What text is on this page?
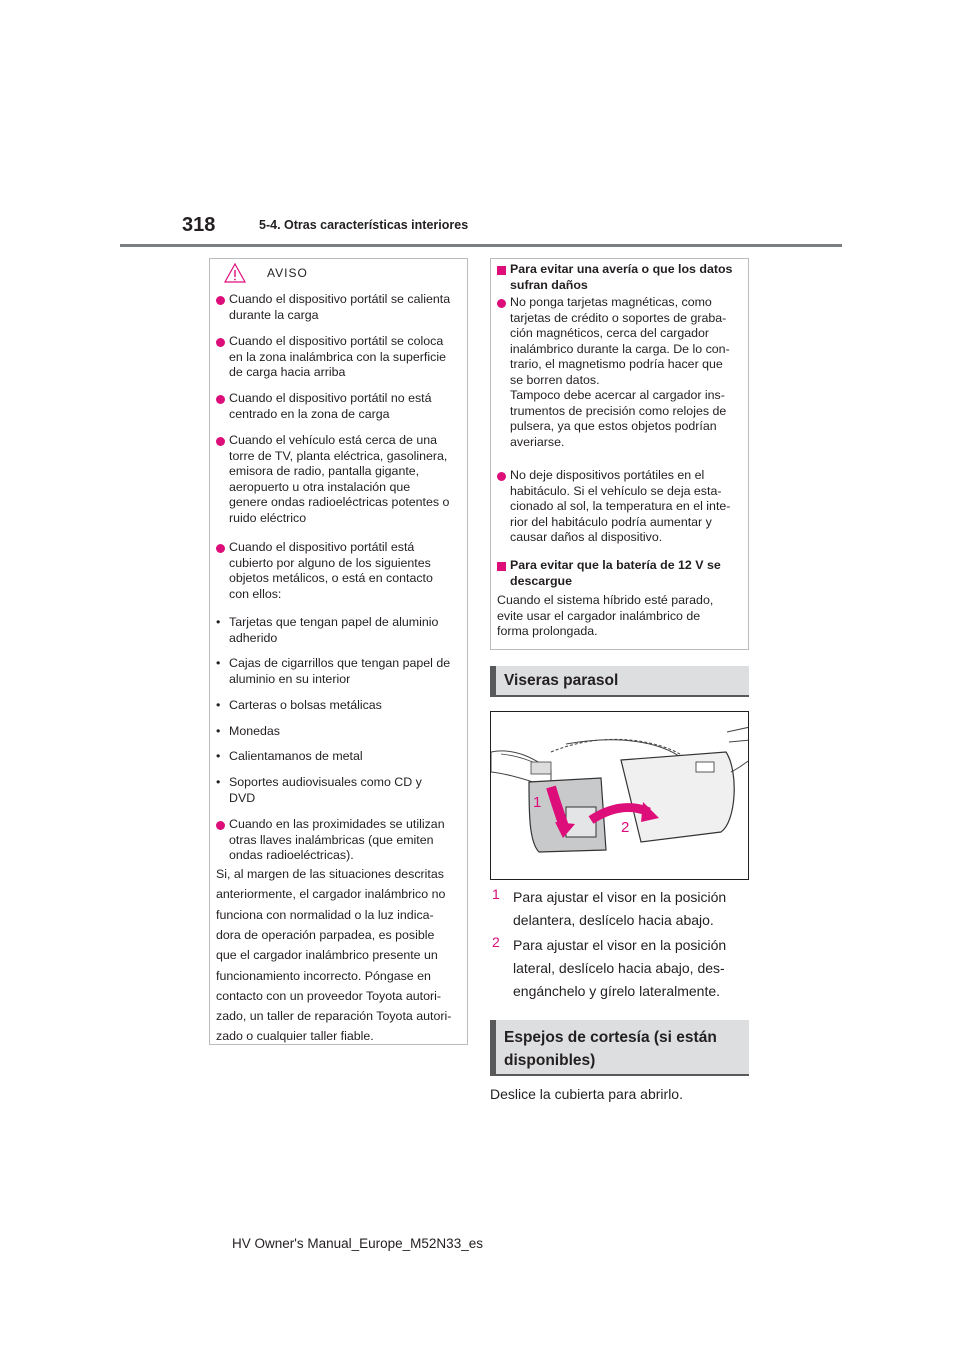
318	5-4. Otras características interiores
AVISO
Cuando el dispositivo portátil se calienta
durante la carga
Cuando el dispositivo portátil se coloca
en la zona inalámbrica con la superficie
de carga hacia arriba
Cuando el dispositivo portátil no está
centrado en la zona de carga
Cuando el vehículo está cerca de una
torre de TV, planta eléctrica, gasolinera,
emisora de radio, pantalla gigante,
aeropuerto u otra instalación que
genere ondas radioeléctricas potentes o
ruido eléctrico
Cuando el dispositivo portátil está
cubierto por alguno de los siguientes
objetos metálicos, o está en contacto
con ellos:
• Tarjetas que tengan papel de aluminio
adherido
• Cajas de cigarrillos que tengan papel de
aluminio en su interior
• Carteras o bolsas metálicas
• Monedas
• Calientamanos de metal
• Soportes audiovisuales como CD y
DVD
Cuando en las proximidades se utilizan
otras llaves inalámbricas (que emiten
ondas radioeléctricas).
Si, al margen de las situaciones descritas
anteriormente, el cargador inalámbrico no
funciona con normalidad o la luz indica-
dora de operación parpadea, es posible
que el cargador inalámbrico presente un
funcionamiento incorrecto. Póngase en
contacto con un proveedor Toyota autori-
zado, un taller de reparación Toyota autori-
zado o cualquier taller fiable.
Para evitar una avería o que los datos
sufran daños
No ponga tarjetas magnéticas, como
tarjetas de crédito o soportes de graba-
ción magnéticos, cerca del cargador
inalámbrico durante la carga. De lo con-
trario, el magnetismo podría hacer que
se borren datos.
Tampoco debe acercar al cargador ins-
trumentos de precisión como relojes de
pulsera, ya que estos objetos podrían
averiarse.
No deje dispositivos portátiles en el
habitáculo. Si el vehículo se deja esta-
cionado al sol, la temperatura en el inte-
rior del habitáculo podría aumentar y
causar daños al dispositivo.
Para evitar que la batería de 12 V se
descargue
Cuando el sistema híbrido esté parado,
evite usar el cargador inalámbrico de
forma prolongada.
Viseras parasol
1
2
1 Para ajustar el visor en la posición
delantera, deslícelo hacia abajo.
2 Para ajustar el visor en la posición
lateral, deslícelo hacia abajo, des-
engánchelo y gírelo lateralmente.
Espejos de cortesía (si están
disponibles)
Deslice la cubierta para abrirlo.
HV Owner's Manual_Europe_M52N33_es
